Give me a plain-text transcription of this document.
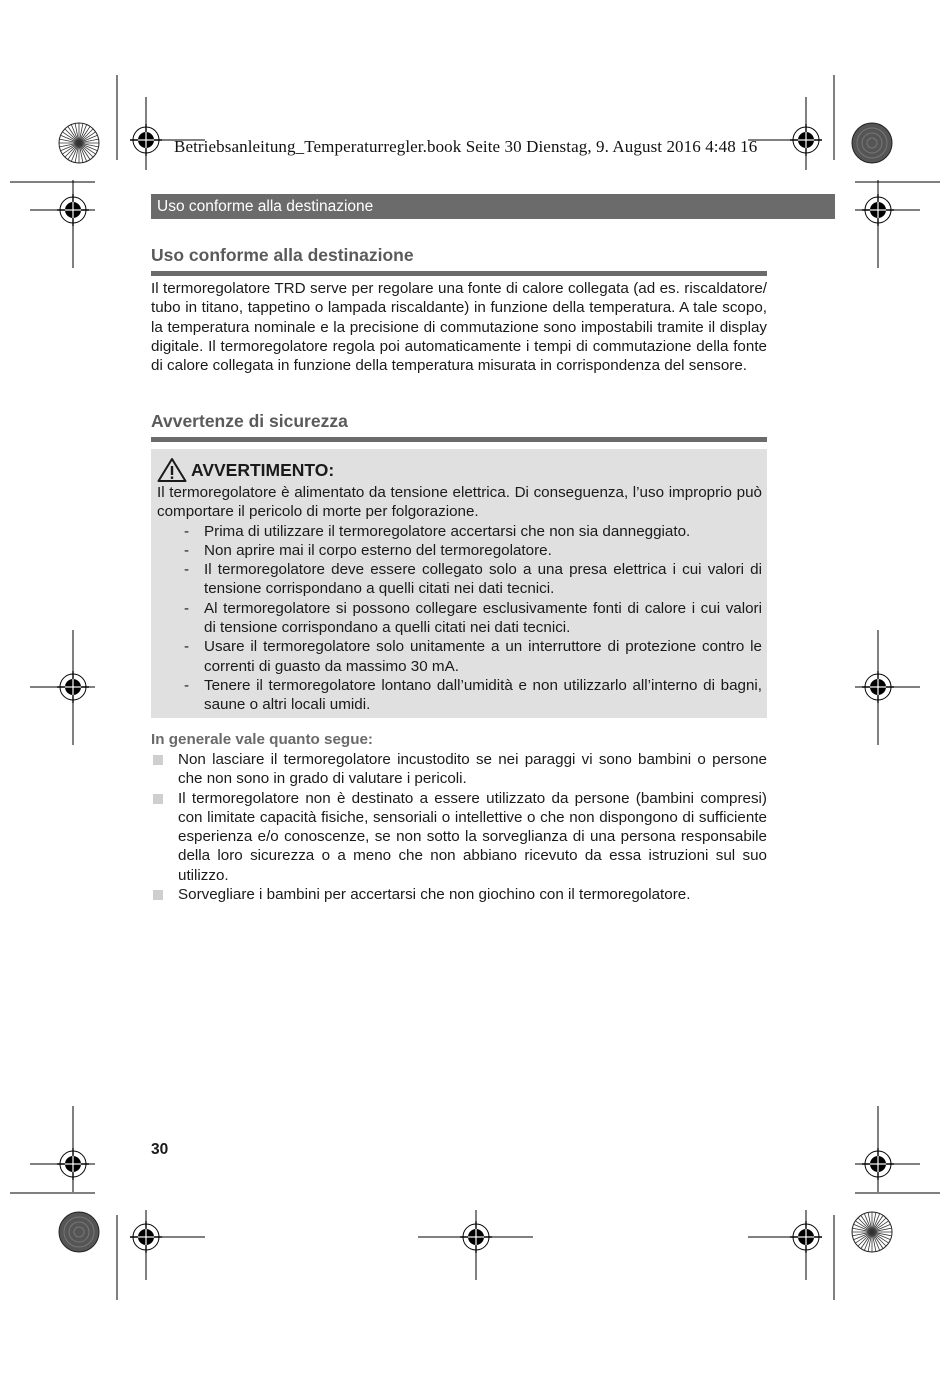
Betriebsanleitung_Temperaturregler.book Seite 30 Dienstag, 9. August 2016 4:48 16
Uso conforme alla destinazione
Uso conforme alla destinazione

Il termoregolatore TRD serve per regolare una fonte di calore collegata (ad es. riscaldatore/ tubo in titano, tappetino o lampada riscaldante) in funzione della temperatura. A tale scopo, la temperatura nominale e la precisione di commutazione sono impostabili tramite il display digitale. Il termoregolatore regola poi automaticamente i tempi di commutazione della fonte di calore collegata in funzione della temperatura misurata in corrispondenza del sensore.

Avvertenze di sicurezza
AVVERTIMENTO:

Il termoregolatore è alimentato da tensione elettrica. Di conseguenza, l’uso improprio può comportare il pericolo di morte per folgorazione.

- Prima di utilizzare il termoregolatore accertarsi che non sia danneggiato.
- Non aprire mai il corpo esterno del termoregolatore.
- Il termoregolatore deve essere collegato solo a una presa elettrica i cui valori di tensione corrispondano a quelli citati nei dati tecnici.
- Al termoregolatore si possono collegare esclusivamente fonti di calore i cui valori di tensione corrispondano a quelli citati nei dati tecnici.
- Usare il termoregolatore solo unitamente a un interruttore di protezione contro le correnti di guasto da massimo 30 mA.
- Tenere il termoregolatore lontano dall’umidità e non utilizzarlo all’interno di bagni, saune o altri locali umidi.
In generale vale quanto segue:
Non lasciare il termoregolatore incustodito se nei paraggi vi sono bambini o persone che non sono in grado di valutare i pericoli.
Il termoregolatore non è destinato a essere utilizzato da persone (bambini compresi) con limitate capacità fisiche, sensoriali o intellettive o che non dispongono di sufficiente esperienza e/o conoscenze, se non sotto la sorveglianza di una persona responsabile della loro sicurezza o a meno che non abbiano ricevuto da essa istruzioni sul suo utilizzo.
Sorvegliare i bambini per accertarsi che non giochino con il termoregolatore.
30
